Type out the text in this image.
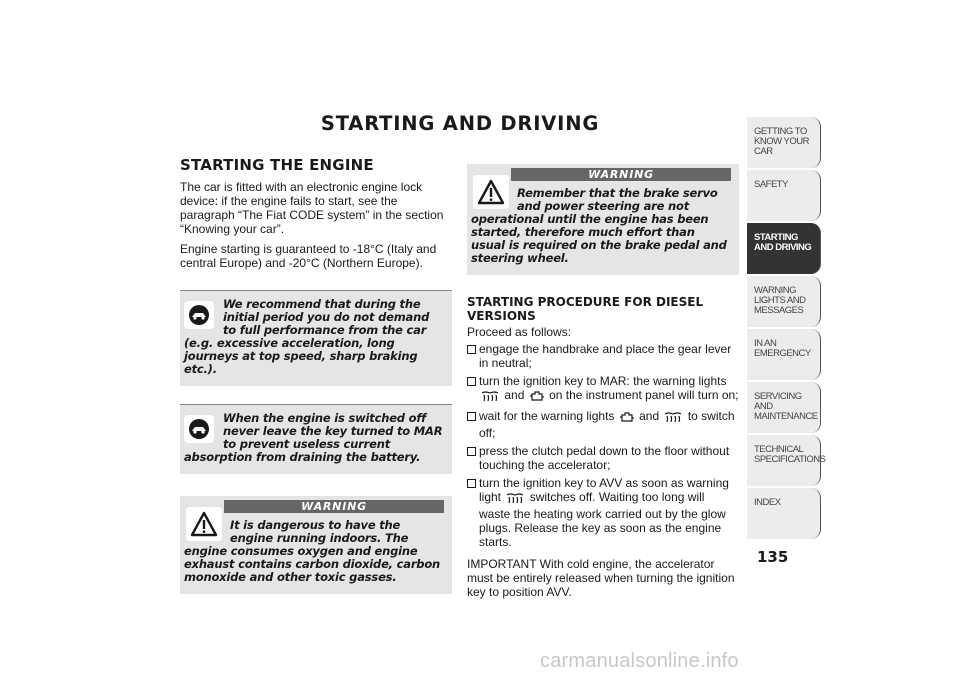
STARTING AND DRIVING
STARTING THE ENGINE

The car is fitted with an electronic engine lock device: if the engine fails to start, see the paragraph “The Fiat CODE system” in the section “Knowing your car”.

Engine starting is guaranteed to -18°C (Italy and central Europe) and -20°C (Northern Europe).

We recommend that during the initial period you do not demand to full performance from the car (e.g. excessive acceleration, long journeys at top speed, sharp braking etc.).
When the engine is switched off never leave the key turned to MAR to prevent useless current absorption from draining the battery.
WARNING
It is dangerous to have the engine running indoors. The engine consumes oxygen and engine exhaust contains carbon dioxide, carbon monoxide and other toxic gasses.
WARNING
Remember that the brake servo and power steering are not operational until the engine has been started, therefore much effort than usual is required on the brake pedal and steering wheel.
STARTING PROCEDURE FOR DIESEL VERSIONS

Proceed as follows:

engage the handbrake and place the gear lever in neutral;
turn the ignition key to MAR: the warning lights
and on the instrument panel will turn on;
wait for the warning lights and to switch off;
press the clutch pedal down to the floor without touching the accelerator;
turn the ignition key to AVV as soon as warning light switches off. Waiting too long will waste the heating work carried out by the glow plugs. Release the key as soon as the engine starts.

IMPORTANT With cold engine, the accelerator must be entirely released when turning the ignition key to position AVV.

GETTING TO KNOW YOUR CAR
SAFETY
STARTING AND DRIVING
WARNING LIGHTS AND MESSAGES
IN AN EMERGENCY
SERVICING AND MAINTENANCE
TECHNICAL SPECIFICATIONS
INDEX
135
carmanualsonline.info
